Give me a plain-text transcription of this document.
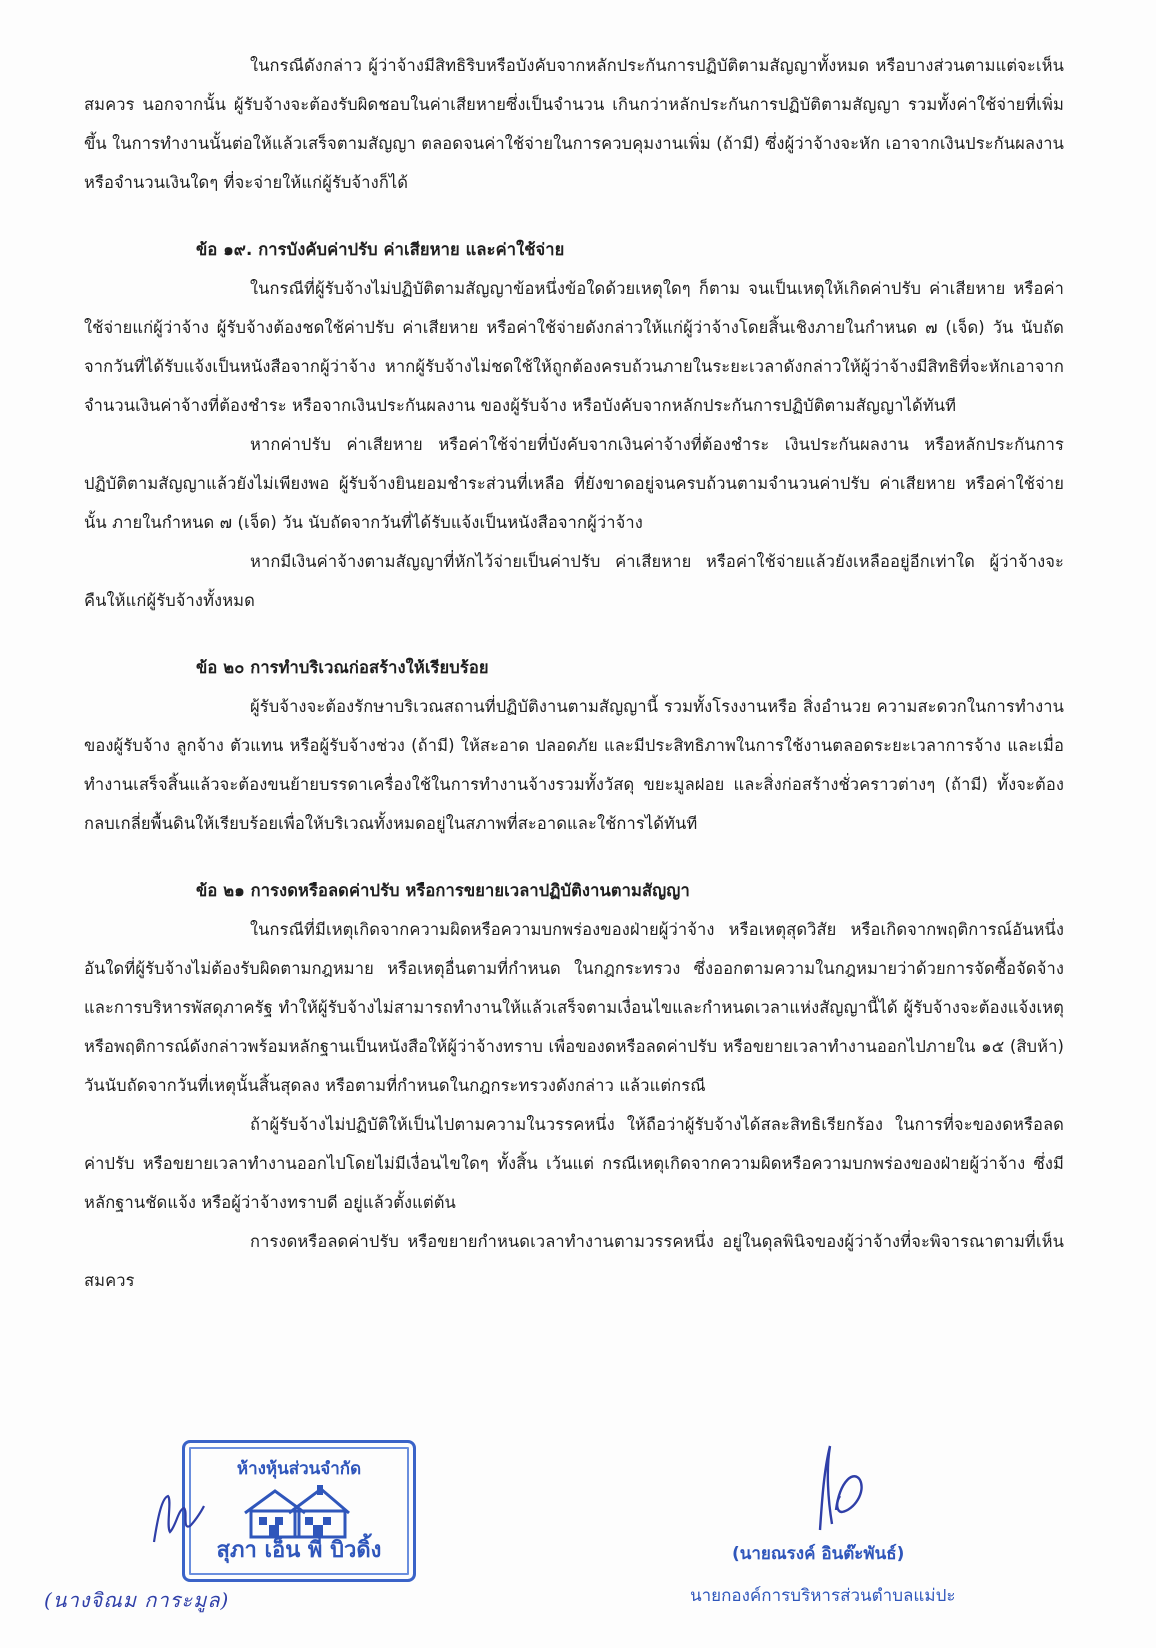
ในกรณีดังกล่าว ผู้ว่าจ้างมีสิทธิริบหรือบังคับจากหลักประกันการปฏิบัติตามสัญญาทั้งหมด หรือบางส่วนตามแต่จะเห็นสมควร นอกจากนั้น ผู้รับจ้างจะต้องรับผิดชอบในค่าเสียหายซึ่งเป็นจำนวน เกินกว่าหลักประกันการปฏิบัติตามสัญญา รวมทั้งค่าใช้จ่ายที่เพิ่มขึ้น ในการทำงานนั้นต่อให้แล้วเสร็จตามสัญญา ตลอดจนค่าใช้จ่ายในการควบคุมงานเพิ่ม (ถ้ามี) ซึ่งผู้ว่าจ้างจะหัก เอาจากเงินประกันผลงานหรือจำนวนเงินใดๆ ที่จะจ่ายให้แก่ผู้รับจ้างก็ได้

ข้อ ๑๙. การบังคับค่าปรับ ค่าเสียหาย และค่าใช้จ่าย

ในกรณีที่ผู้รับจ้างไม่ปฏิบัติตามสัญญาข้อหนึ่งข้อใดด้วยเหตุใดๆ ก็ตาม จนเป็นเหตุให้เกิดค่าปรับ ค่าเสียหาย หรือค่าใช้จ่ายแก่ผู้ว่าจ้าง ผู้รับจ้างต้องชดใช้ค่าปรับ ค่าเสียหาย หรือค่าใช้จ่ายดังกล่าวให้แก่ผู้ว่าจ้างโดยสิ้นเชิงภายในกำหนด ๗ (เจ็ด) วัน นับถัดจากวันที่ได้รับแจ้งเป็นหนังสือจากผู้ว่าจ้าง หากผู้รับจ้างไม่ชดใช้ให้ถูกต้องครบถ้วนภายในระยะเวลาดังกล่าวให้ผู้ว่าจ้างมีสิทธิที่จะหักเอาจากจำนวนเงินค่าจ้างที่ต้องชำระ หรือจากเงินประกันผลงาน ของผู้รับจ้าง หรือบังคับจากหลักประกันการปฏิบัติตามสัญญาได้ทันที

หากค่าปรับ ค่าเสียหาย หรือค่าใช้จ่ายที่บังคับจากเงินค่าจ้างที่ต้องชำระ เงินประกันผลงาน หรือหลักประกันการปฏิบัติตามสัญญาแล้วยังไม่เพียงพอ ผู้รับจ้างยินยอมชำระส่วนที่เหลือ ที่ยังขาดอยู่จนครบถ้วนตามจำนวนค่าปรับ ค่าเสียหาย หรือค่าใช้จ่ายนั้น ภายในกำหนด ๗ (เจ็ด) วัน นับถัดจากวันที่ได้รับแจ้งเป็นหนังสือจากผู้ว่าจ้าง

หากมีเงินค่าจ้างตามสัญญาที่หักไว้จ่ายเป็นค่าปรับ ค่าเสียหาย หรือค่าใช้จ่ายแล้วยังเหลืออยู่อีกเท่าใด ผู้ว่าจ้างจะคืนให้แก่ผู้รับจ้างทั้งหมด

ข้อ ๒๐ การทำบริเวณก่อสร้างให้เรียบร้อย

ผู้รับจ้างจะต้องรักษาบริเวณสถานที่ปฏิบัติงานตามสัญญานี้ รวมทั้งโรงงานหรือ สิ่งอำนวย ความสะดวกในการทำงานของผู้รับจ้าง ลูกจ้าง ตัวแทน หรือผู้รับจ้างช่วง (ถ้ามี) ให้สะอาด ปลอดภัย และมีประสิทธิภาพในการใช้งานตลอดระยะเวลาการจ้าง และเมื่อทำงานเสร็จสิ้นแล้วจะต้องขนย้ายบรรดาเครื่องใช้ในการทำงานจ้างรวมทั้งวัสดุ ขยะมูลฝอย และสิ่งก่อสร้างชั่วคราวต่างๆ (ถ้ามี) ทั้งจะต้องกลบเกลี่ยพื้นดินให้เรียบร้อยเพื่อให้บริเวณทั้งหมดอยู่ในสภาพที่สะอาดและใช้การได้ทันที

ข้อ ๒๑ การงดหรือลดค่าปรับ หรือการขยายเวลาปฏิบัติงานตามสัญญา

ในกรณีที่มีเหตุเกิดจากความผิดหรือความบกพร่องของฝ่ายผู้ว่าจ้าง หรือเหตุสุดวิสัย หรือเกิดจากพฤติการณ์อันหนึ่งอันใดที่ผู้รับจ้างไม่ต้องรับผิดตามกฎหมาย หรือเหตุอื่นตามที่กำหนด ในกฎกระทรวง ซึ่งออกตามความในกฎหมายว่าด้วยการจัดซื้อจัดจ้างและการบริหารพัสดุภาครัฐ ทำให้ผู้รับจ้างไม่สามารถทำงานให้แล้วเสร็จตามเงื่อนไขและกำหนดเวลาแห่งสัญญานี้ได้ ผู้รับจ้างจะต้องแจ้งเหตุหรือพฤติการณ์ดังกล่าวพร้อมหลักฐานเป็นหนังสือให้ผู้ว่าจ้างทราบ เพื่อของดหรือลดค่าปรับ หรือขยายเวลาทำงานออกไปภายใน ๑๕ (สิบห้า) วันนับถัดจากวันที่เหตุนั้นสิ้นสุดลง หรือตามที่กำหนดในกฎกระทรวงดังกล่าว แล้วแต่กรณี

ถ้าผู้รับจ้างไม่ปฏิบัติให้เป็นไปตามความในวรรคหนึ่ง ให้ถือว่าผู้รับจ้างได้สละสิทธิเรียกร้อง ในการที่จะของดหรือลดค่าปรับ หรือขยายเวลาทำงานออกไปโดยไม่มีเงื่อนไขใดๆ ทั้งสิ้น เว้นแต่ กรณีเหตุเกิดจากความผิดหรือความบกพร่องของฝ่ายผู้ว่าจ้าง ซึ่งมีหลักฐานชัดแจ้ง หรือผู้ว่าจ้างทราบดี อยู่แล้วตั้งแต่ต้น

การงดหรือลดค่าปรับ หรือขยายกำหนดเวลาทำงานตามวรรคหนึ่ง อยู่ในดุลพินิจของผู้ว่าจ้างที่จะพิจารณาตามที่เห็นสมควร

ห้างหุ้นส่วนจำกัด
สุภา เอ็น พี บิวดิ้ง
(นางจิณม การะมูล)
(นายณรงค์ อินต๊ะพันธ์)
นายกองค์การบริหารส่วนตำบลแม่ปะ
